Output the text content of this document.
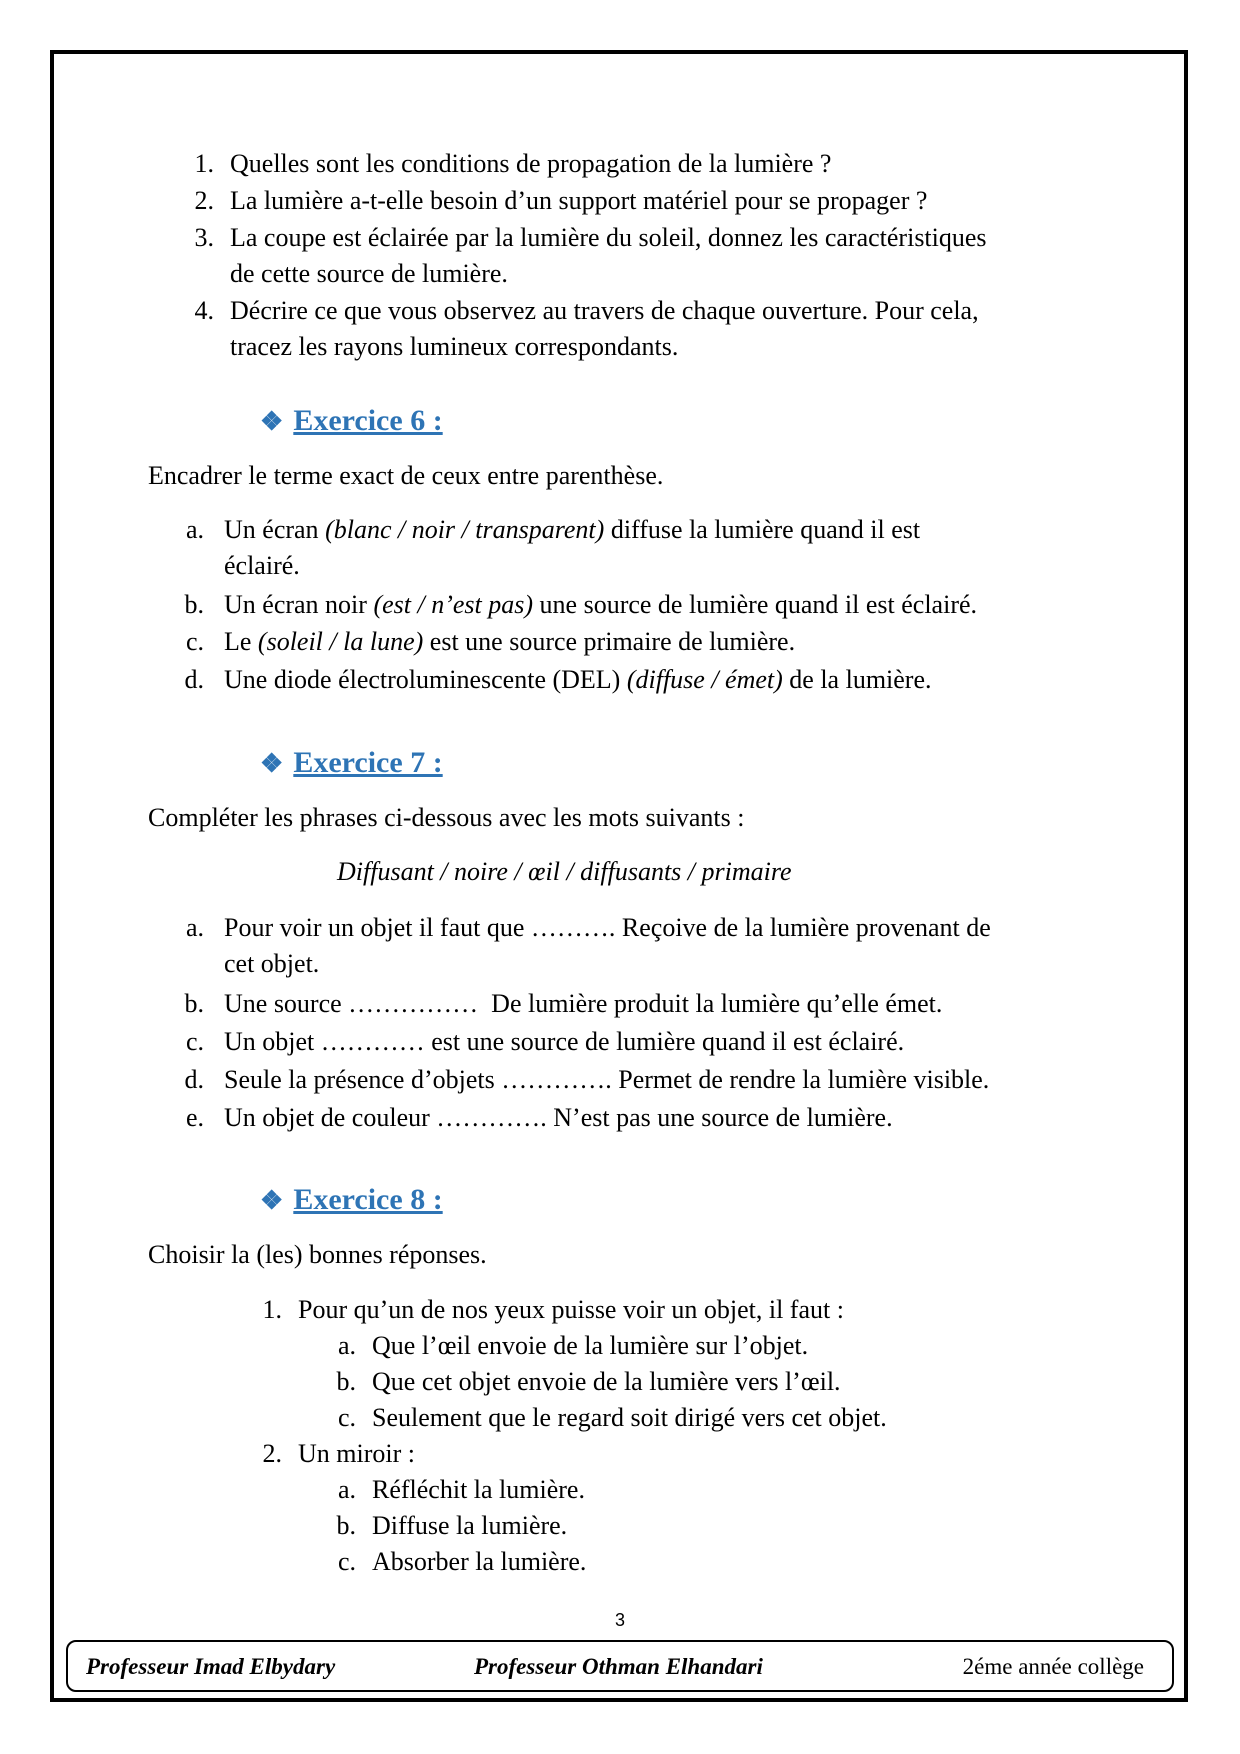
1. Quelles sont les conditions de propagation de la lumière ?
2. La lumière a-t-elle besoin d’un support matériel pour se propager ?
3. La coupe est éclairée par la lumière du soleil, donnez les caractéristiques
de cette source de lumière.
4. Décrire ce que vous observez au travers de chaque ouverture. Pour cela,
tracez les rayons lumineux correspondants.
❖ Exercice 6 :
Encadrer le terme exact de ceux entre parenthèse.
a. Un écran (blanc / noir / transparent) diffuse la lumière quand il est
éclairé.
b. Un écran noir (est / n’est pas) une source de lumière quand il est éclairé.
c. Le (soleil / la lune) est une source primaire de lumière.
d. Une diode électroluminescente (DEL) (diffuse / émet) de la lumière.
❖ Exercice 7 :
Compléter les phrases ci-dessous avec les mots suivants :
Diffusant / noire / œil / diffusants / primaire
a. Pour voir un objet il faut que ………. Reçoive de la lumière provenant de
cet objet.
b. Une source ……………  De lumière produit la lumière qu’elle émet.
c. Un objet ………… est une source de lumière quand il est éclairé.
d. Seule la présence d’objets …………. Permet de rendre la lumière visible.
e. Un objet de couleur …………. N’est pas une source de lumière.
❖ Exercice 8 :
Choisir la (les) bonnes réponses.
1. Pour qu’un de nos yeux puisse voir un objet, il faut :
a. Que l’œil envoie de la lumière sur l’objet.
b. Que cet objet envoie de la lumière vers l’œil.
c. Seulement que le regard soit dirigé vers cet objet.
2. Un miroir :
a. Réfléchit la lumière.
b. Diffuse la lumière.
c. Absorber la lumière.
3
Professeur Imad Elbydary	Professeur Othman Elhandari	2éme année collège
